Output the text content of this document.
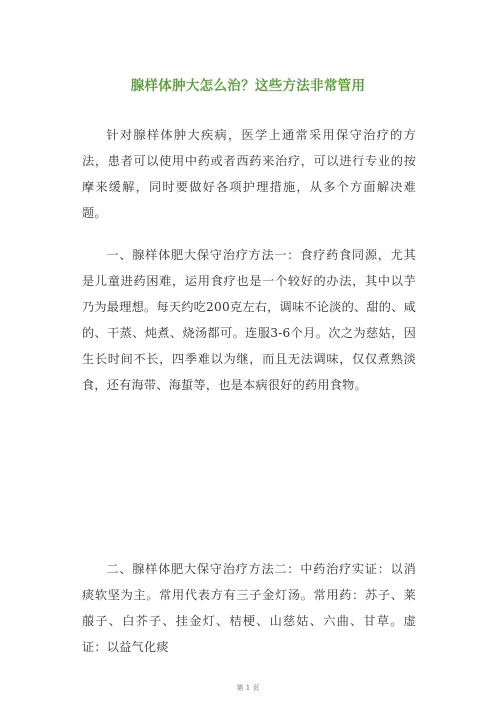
腺样体肿大怎么治？这些方法非常管用

针对腺样体肿大疾病，医学上通常采用保守治疗的方法，患者可以使用中药或者西药来治疗，可以进行专业的按摩来缓解，同时要做好各项护理措施，从多个方面解决难题。

一、腺样体肥大保守治疗方法一：食疗药食同源，尤其是儿童进药困难，运用食疗也是一个较好的办法，其中以芋乃为最理想。每天约吃200克左右，调味不论淡的、甜的、咸的、干蒸、炖煮、烧汤都可。连服3-6个月。次之为慈姑，因生长时间不长，四季难以为继，而且无法调味，仅仅煮熟淡食，还有海带、海蜇等，也是本病很好的药用食物。

二、腺样体肥大保守治疗方法二：中药治疗实证：以消痰软坚为主。常用代表方有三子金灯汤。常用药：苏子、莱菔子、白芥子、挂金灯、桔梗、山慈姑、六曲、甘草。虚证：以益气化痰

第 1 页
